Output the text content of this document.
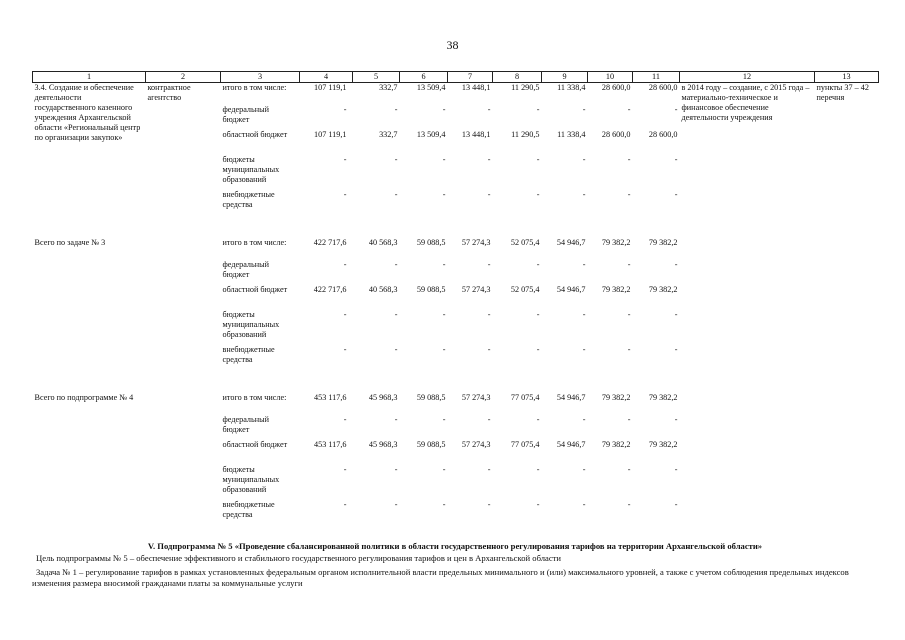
38
1	2	3	4	5	6	7	8	9	10	11	12	13
3.4. Создание и обеспечение деятельности государственного казенного учреждения Архангельской области «Региональный центр по организации закупок»	контрактное агентство	итого в том числе:	107 119,1	332,7	13 509,4	13 448,1	11 290,5	11 338,4	28 600,0	28 600,0	в 2014 году – создание, с 2015 года – материально-техническое и финансовое обеспечение деятельности учреждения	пункты 37 – 42 перечня
		федеральный бюджет	-	-	-	-	-	-	-	-		
		областной бюджет	107 119,1	332,7	13 509,4	13 448,1	11 290,5	11 338,4	28 600,0	28 600,0		
		бюджеты муниципальных образований	-	-	-	-	-	-	-	-		
		внебюджетные средства	-	-	-	-	-	-	-	-		

Всего по задаче № 3		итого в том числе:	422 717,6	40 568,3	59 088,5	57 274,3	52 075,4	54 946,7	79 382,2	79 382,2		
		федеральный бюджет	-	-	-	-	-	-	-	-		
		областной бюджет	422 717,6	40 568,3	59 088,5	57 274,3	52 075,4	54 946,7	79 382,2	79 382,2		
		бюджеты муниципальных образований	-	-	-	-	-	-	-	-		
		внебюджетные средства	-	-	-	-	-	-	-	-		

Всего по подпрограмме № 4		итого в том числе:	453 117,6	45 968,3	59 088,5	57 274,3	77 075,4	54 946,7	79 382,2	79 382,2		
		федеральный бюджет	-	-	-	-	-	-	-	-		
		областной бюджет	453 117,6	45 968,3	59 088,5	57 274,3	77 075,4	54 946,7	79 382,2	79 382,2		
		бюджеты муниципальных образований	-	-	-	-	-	-	-	-		
		внебюджетные средства	-	-	-	-	-	-	-	-		
V. Подпрограмма № 5 «Проведение сбалансированной политики в области государственного регулирования тарифов на территории Архангельской области»

Цель подпрограммы № 5 – обеспечение эффективного и стабильного государственного регулирования тарифов и цен в Архангельской области

Задача № 1 – регулирование тарифов в рамках установленных федеральным органом исполнительной власти предельных минимального и (или) максимального уровней, а также с учетом соблюдения предельных индексов изменения размера вносимой гражданами платы за коммунальные услуги
